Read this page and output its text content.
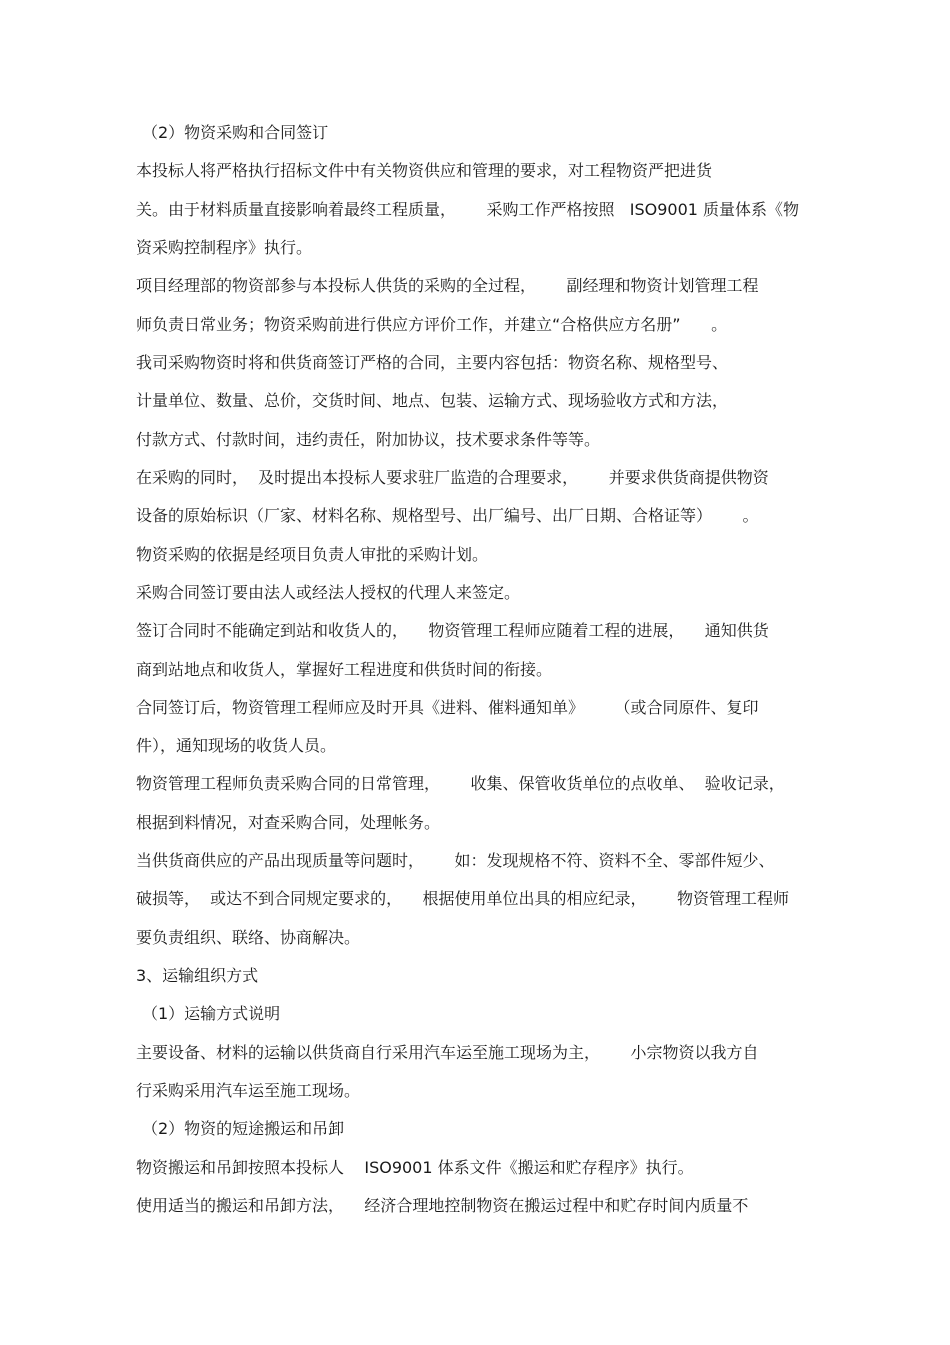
（2）物资采购和合同签订
本投标人将严格执行招标文件中有关物资供应和管理的要求，对工程物资严把进货
关。由于材料质量直接影响着最终工程质量，      采购工作严格按照   ISO9001 质量体系《物
资采购控制程序》执行。
项目经理部的物资部参与本投标人供货的采购的全过程，      副经理和物资计划管理工程
师负责日常业务；物资采购前进行供应方评价工作，并建立“合格供应方名册”      。
我司采购物资时将和供货商签订严格的合同，主要内容包括：物资名称、规格型号、
计量单位、数量、总价，交货时间、地点、包装、运输方式、现场验收方式和方法，
付款方式、付款时间，违约责任，附加协议，技术要求条件等等。
在采购的同时，  及时提出本投标人要求驻厂监造的合理要求，      并要求供货商提供物资
设备的原始标识（厂家、材料名称、规格型号、出厂编号、出厂日期、合格证等）      。
物资采购的依据是经项目负责人审批的采购计划。
采购合同签订要由法人或经法人授权的代理人来签定。
签订合同时不能确定到站和收货人的，    物资管理工程师应随着工程的进展，    通知供货
商到站地点和收货人，掌握好工程进度和供货时间的衔接。
合同签订后，物资管理工程师应及时开具《进料、催料通知单》      （或合同原件、复印
件），通知现场的收货人员。
物资管理工程师负责采购合同的日常管理，      收集、保管收货单位的点收单、  验收记录，
根据到料情况，对查采购合同，处理帐务。
当供货商供应的产品出现质量等问题时，      如：发现规格不符、资料不全、零部件短少、
破损等，  或达不到合同规定要求的，    根据使用单位出具的相应纪录，      物资管理工程师
要负责组织、联络、协商解决。
3、运输组织方式
（1）运输方式说明
主要设备、材料的运输以供货商自行采用汽车运至施工现场为主，      小宗物资以我方自
行采购采用汽车运至施工现场。
（2）物资的短途搬运和吊卸
物资搬运和吊卸按照本投标人    ISO9001 体系文件《搬运和贮存程序》执行。
使用适当的搬运和吊卸方法，    经济合理地控制物资在搬运过程中和贮存时间内质量不
